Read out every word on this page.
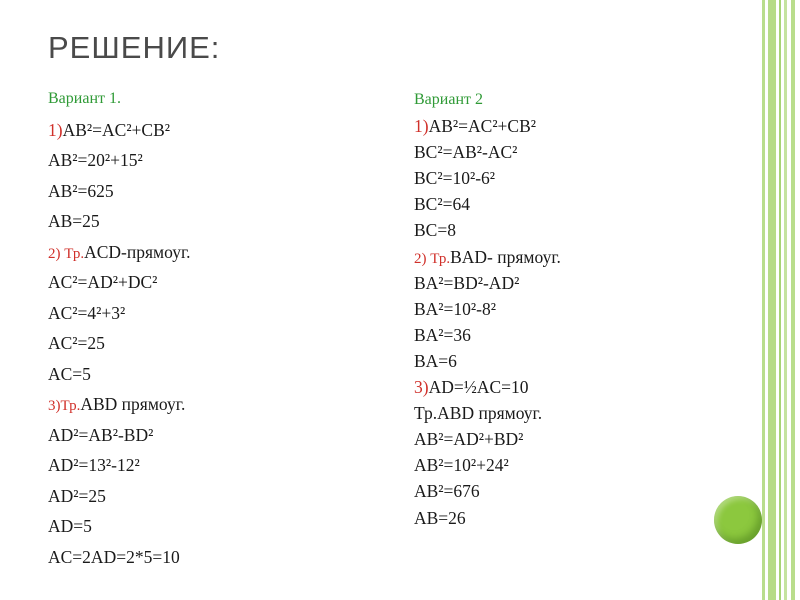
РЕШЕНИЕ:
Вариант 1.
1)AB²=AC²+CB²
AB²=20²+15²
AB²=625
AB=25
2) Тр.ACD-прямоуг.
AC²=AD²+DC²
AC²=4²+3²
AC²=25
AC=5
3)Тр.ABD прямоуг.
AD²=AB²-BD²
AD²=13²-12²
AD²=25
AD=5
AC=2AD=2*5=10
Вариант 2
1)AB²=AC²+CB²
BC²=AB²-AC²
BC²=10²-6²
BC²=64
BC=8
2) Тр.BAD- прямоуг.
BA²=BD²-AD²
BA²=10²-8²
BA²=36
BA=6
3)AD=½AC=10
Тр.ABD прямоуг.
AB²=AD²+BD²
AB²=10²+24²
AB²=676
AB=26
